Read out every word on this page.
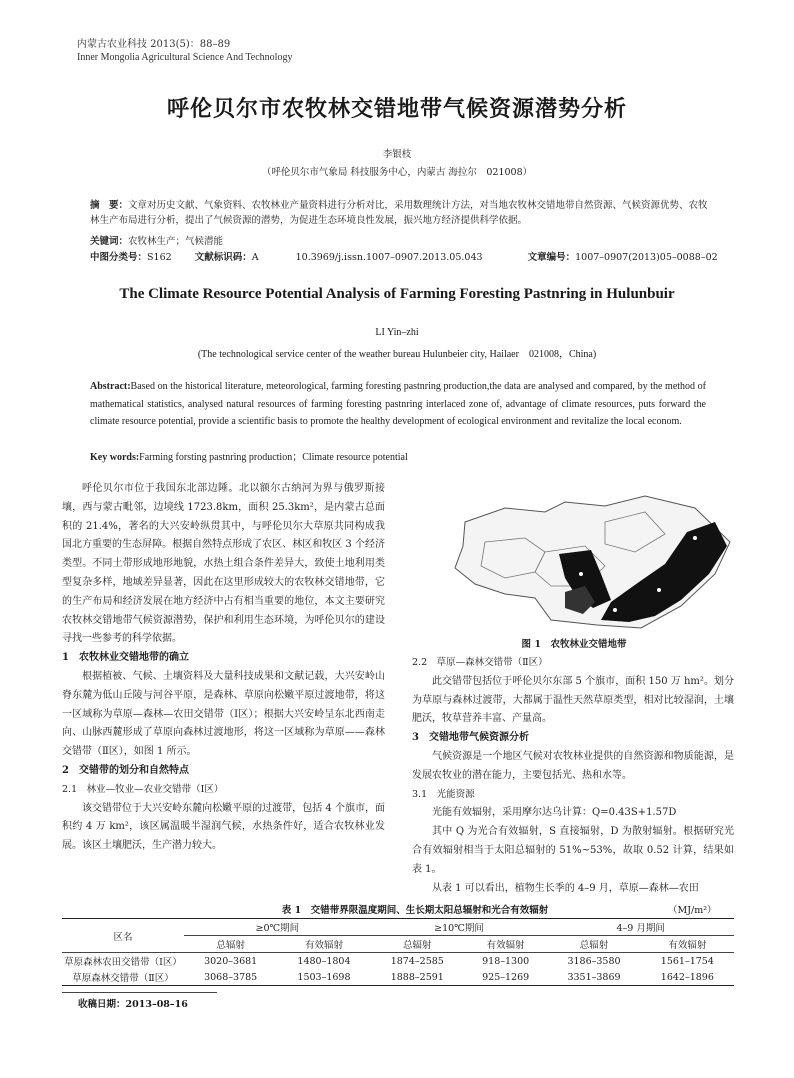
内蒙古农业科技 2013(5)：88–89
Inner Mongolia Agricultural Science And Technology
呼伦贝尔市农牧林交错地带气候资源潜势分析
李银枝
（呼伦贝尔市气象局 科技服务中心，内蒙古 海拉尔　021008）
摘　要：文章对历史文献、气象资料、农牧林业产量资料进行分析对比，采用数理统计方法，对当地农牧林交错地带自然资源、气候资源优势、农牧林生产布局进行分析，提出了气候资源的潜势，为促进生态环境良性发展，振兴地方经济提供科学依据。
关键词：农牧林生产；气候潜能
中图分类号：S162 文献标识码：A	10.3969/j.issn.1007–0907.2013.05.043	文章编号：1007–0907(2013)05–0088–02
The Climate Resource Potential Analysis of Farming Foresting Pastnring in Hulunbuir
LI Yin–zhi
(The technological service center of the weather bureau Hulunbeier city, Hailaer　021008，China)
Abstract:Based on the historical literature, meteorological, farming foresting pastnring production,the data are analysed and compared, by the method of mathematical statistics, analysed natural resources of farming foresting pastnring interlaced zone of, advantage of climate resources, puts forward the climate resource potential, provide a scientific basis to promote the healthy development of ecological environment and revitalize the local econom.
Key words:Farming forsting pastnring production；Climate resource potential

呼伦贝尔市位于我国东北部边陲。北以额尔古纳河为界与俄罗斯接壤，西与蒙古毗邻，边境线 1723.8km，面积 25.3km²，是内蒙古总面积的 21.4%，著名的大兴安岭纵贯其中，与呼伦贝尔大草原共同构成我国北方重要的生态屏障。根据自然特点形成了农区、林区和牧区 3 个经济类型。不同土带形成地形地貌，水热土组合条件差异大，致使土地利用类型复杂多样，地域差异显著，因此在这里形成较大的农牧林交错地带，它的生产布局和经济发展在地方经济中占有相当重要的地位，本文主要研究农牧林交错地带气候资源潜势，保护和利用生态环境，为呼伦贝尔的建设寻找一些参考的科学依据。

1　农牧林业交错地带的确立

根据植被、气候、土壤资料及大量科技成果和文献记载，大兴安岭山脊东麓为低山丘陵与河谷平原，是森林、草原向松嫩平原过渡地带，将这一区域称为草原—森林—农田交错带（Ⅰ区）；根据大兴安岭呈东北西南走向、山脉西麓形成了草原向森林过渡地形，将这一区域称为草原——森林交错带（Ⅱ区），如图 1 所示。

2　交错带的划分和自然特点

2.1　林业—牧业—农业交错带（Ⅰ区）

该交错带位于大兴安岭东麓向松嫩平原的过渡带，包括 4 个旗市，面积约 4 万 km²，该区属温暖半湿润气候，水热条件好，适合农牧林业发展。该区土壤肥沃，生产潜力较大。

图 1　农牧林业交错地带

2.2　草原—森林交错带（Ⅱ区）

此交错带包括位于呼伦贝尔东部 5 个旗市，面积 150 万 hm²。划分为草原与森林过渡带，大都属于温性天然草原类型，相对比较湿润，土壤肥沃，牧草营养丰富、产量高。

3　交错地带气候资源分析

气候资源是一个地区气候对农牧林业提供的自然资源和物质能源，是发展农牧业的潜在能力，主要包括光、热和水等。

3.1　光能资源

光能有效辐射，采用摩尔达乌计算：Q=0.43S+1.57D

其中 Q 为光合有效辐射，S 直接辐射，D 为散射辐射。根据研究光合有效辐射相当于太阳总辐射的 51%~53%，故取 0.52 计算，结果如表 1。

从表 1 可以看出，植物生长季的 4–9 月，草原—森林—农田

表 1　交错带界限温度期间、生长期太阳总辐射和光合有效辐射	（MJ/m²）
区名	≥0℃期间		≥10℃期间		4–9 月期间	
	总辐射	有效辐射	总辐射	有效辐射	总辐射	有效辐射
草原森林农田交错带（Ⅰ区）	3020–3681	1480–1804	1874–2585	918–1300	3186–3580	1561–1754
草原森林交错带（Ⅱ区）	3068–3785	1503–1698	1888–2591	925–1269	3351–3869	1642–1896
收稿日期：2013–08–16
